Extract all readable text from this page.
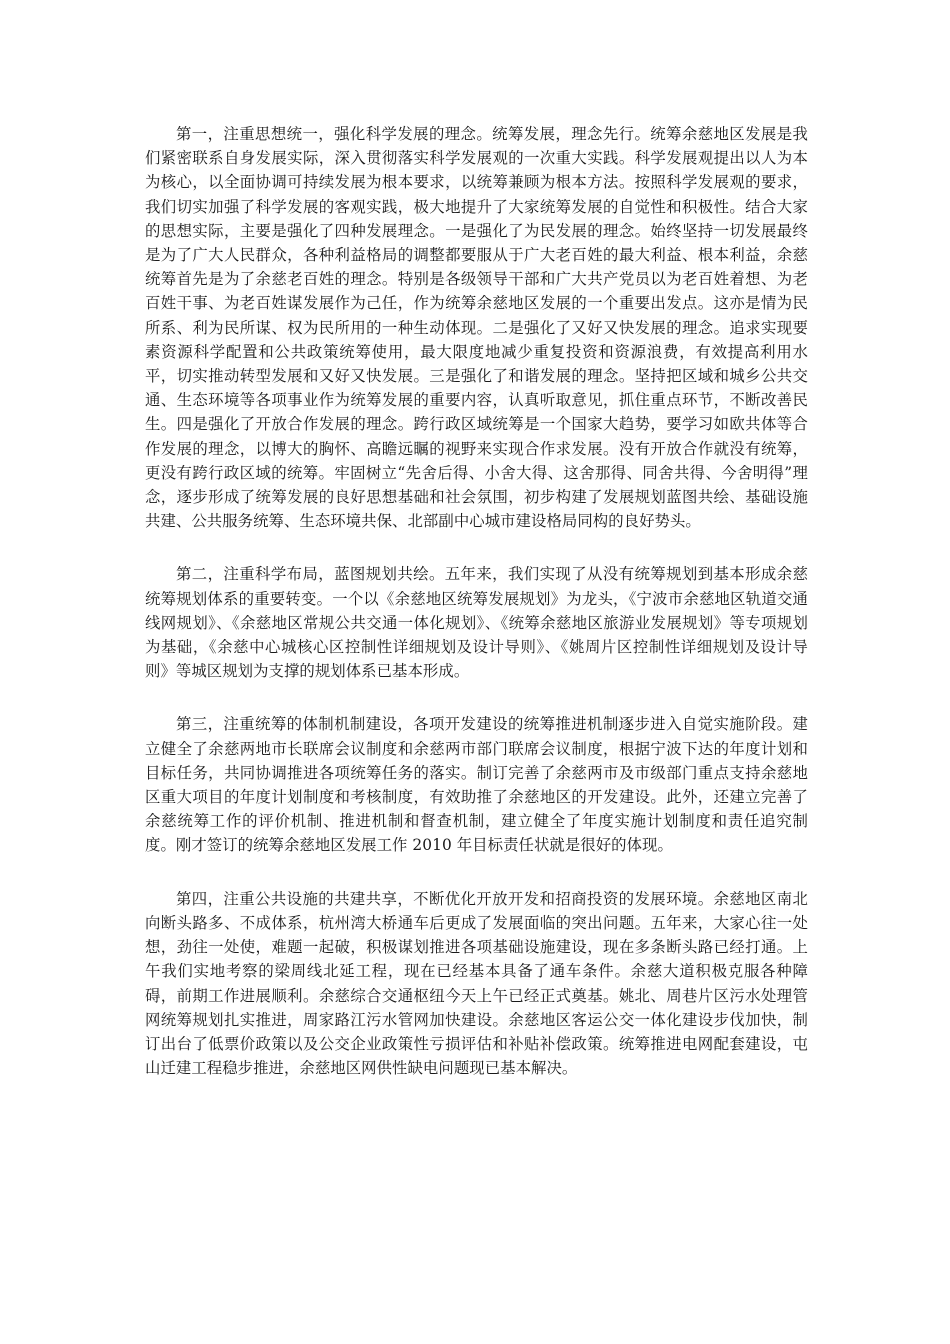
第一，注重思想统一，强化科学发展的理念。统筹发展，理念先行。统筹余慈地区发展是我们紧密联系自身发展实际，深入贯彻落实科学发展观的一次重大实践。科学发展观提出以人为本为核心，以全面协调可持续发展为根本要求，以统筹兼顾为根本方法。按照科学发展观的要求，我们切实加强了科学发展的客观实践，极大地提升了大家统筹发展的自觉性和积极性。结合大家的思想实际，主要是强化了四种发展理念。一是强化了为民发展的理念。始终坚持一切发展最终是为了广大人民群众，各种利益格局的调整都要服从于广大老百姓的最大利益、根本利益，余慈统筹首先是为了余慈老百姓的理念。特别是各级领导干部和广大共产党员以为老百姓着想、为老百姓干事、为老百姓谋发展作为己任，作为统筹余慈地区发展的一个重要出发点。这亦是情为民所系、利为民所谋、权为民所用的一种生动体现。二是强化了又好又快发展的理念。追求实现要素资源科学配置和公共政策统筹使用，最大限度地减少重复投资和资源浪费，有效提高利用水平，切实推动转型发展和又好又快发展。三是强化了和谐发展的理念。坚持把区域和城乡公共交通、生态环境等各项事业作为统筹发展的重要内容，认真听取意见，抓住重点环节，不断改善民生。四是强化了开放合作发展的理念。跨行政区域统筹是一个国家大趋势，要学习如欧共体等合作发展的理念，以博大的胸怀、高瞻远瞩的视野来实现合作求发展。没有开放合作就没有统筹，更没有跨行政区域的统筹。牢固树立“先舍后得、小舍大得、这舍那得、同舍共得、今舍明得”理念，逐步形成了统筹发展的良好思想基础和社会氛围，初步构建了发展规划蓝图共绘、基础设施共建、公共服务统筹、生态环境共保、北部副中心城市建设格局同构的良好势头。

第二，注重科学布局，蓝图规划共绘。五年来，我们实现了从没有统筹规划到基本形成余慈统筹规划体系的重要转变。一个以《余慈地区统筹发展规划》为龙头，《宁波市余慈地区轨道交通线网规划》、《余慈地区常规公共交通一体化规划》、《统筹余慈地区旅游业发展规划》等专项规划为基础，《余慈中心城核心区控制性详细规划及设计导则》、《姚周片区控制性详细规划及设计导则》等城区规划为支撑的规划体系已基本形成。

第三，注重统筹的体制机制建设，各项开发建设的统筹推进机制逐步进入自觉实施阶段。建立健全了余慈两地市长联席会议制度和余慈两市部门联席会议制度，根据宁波下达的年度计划和目标任务，共同协调推进各项统筹任务的落实。制订完善了余慈两市及市级部门重点支持余慈地区重大项目的年度计划制度和考核制度，有效助推了余慈地区的开发建设。此外，还建立完善了余慈统筹工作的评价机制、推进机制和督查机制，建立健全了年度实施计划制度和责任追究制度。刚才签订的统筹余慈地区发展工作 2010 年目标责任状就是很好的体现。

第四，注重公共设施的共建共享，不断优化开放开发和招商投资的发展环境。余慈地区南北向断头路多、不成体系，杭州湾大桥通车后更成了发展面临的突出问题。五年来，大家心往一处想，劲往一处使，难题一起破，积极谋划推进各项基础设施建设，现在多条断头路已经打通。上午我们实地考察的梁周线北延工程，现在已经基本具备了通车条件。余慈大道积极克服各种障碍，前期工作进展顺利。余慈综合交通枢纽今天上午已经正式奠基。姚北、周巷片区污水处理管网统筹规划扎实推进，周家路江污水管网加快建设。余慈地区客运公交一体化建设步伐加快，制订出台了低票价政策以及公交企业政策性亏损评估和补贴补偿政策。统筹推进电网配套建设，屯山迁建工程稳步推进，余慈地区网供性缺电问题现已基本解决。
